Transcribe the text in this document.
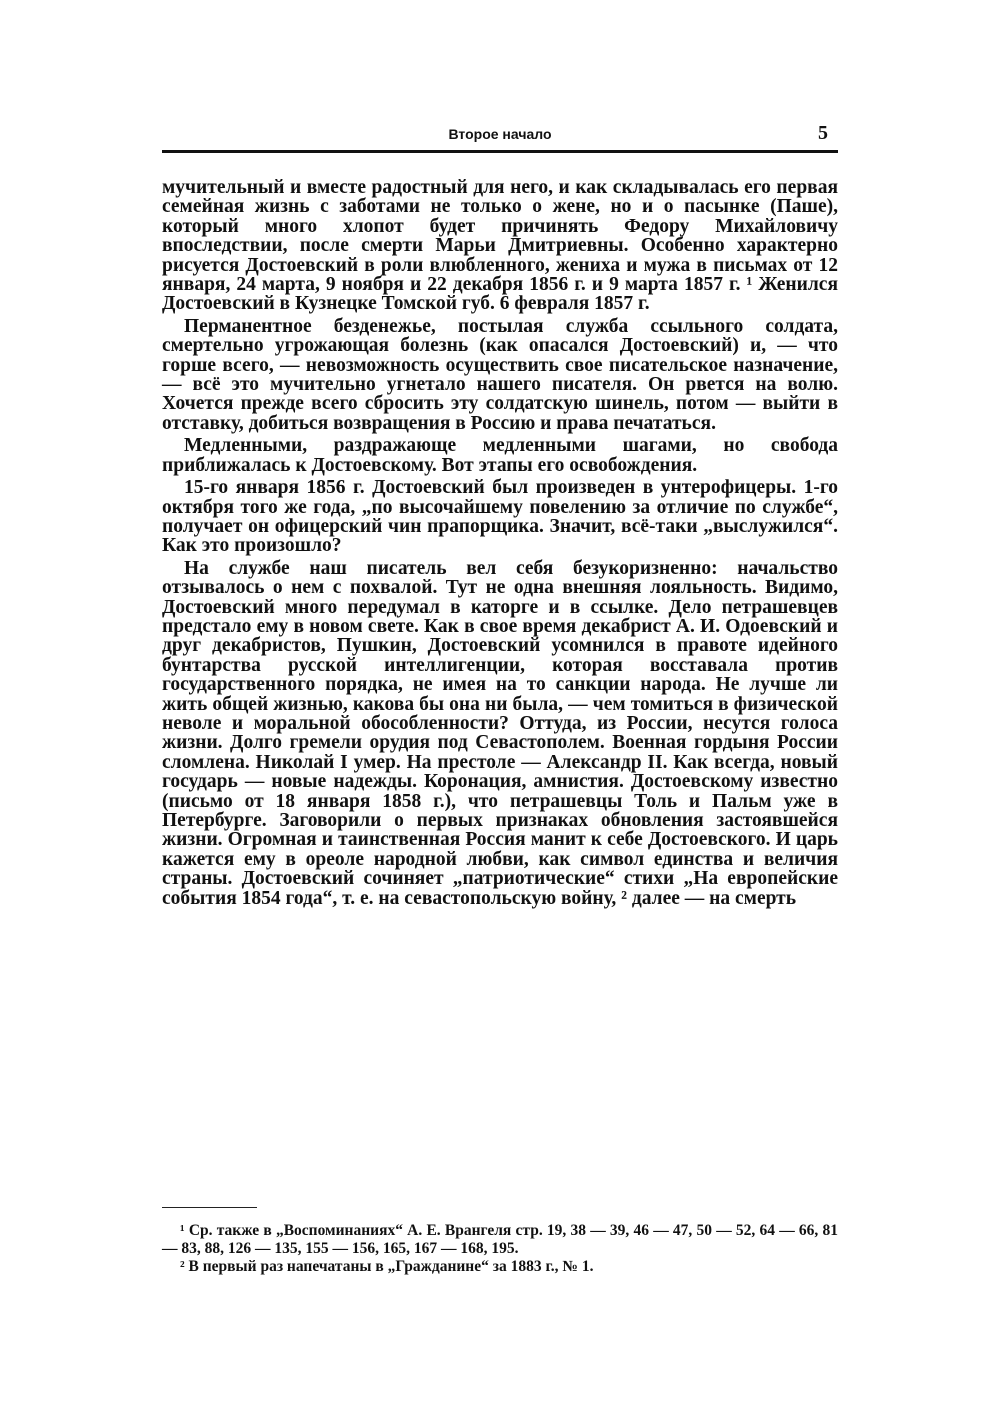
Второе начало	5

мучительный и вместе радостный для него, и как складывалась его первая семейная жизнь с заботами не только о жене, но и о пасынке (Паше), который много хлопот будет причинять Федору Михайловичу впоследствии, после смерти Марьи Дмитриевны. Особенно характерно рисуется Достоевский в роли влюбленного, жениха и мужа в письмах от 12 января, 24 марта, 9 ноября и 22 декабря 1856 г. и 9 марта 1857 г. ¹ Женился Достоевский в Кузнецке Томской губ. 6 февраля 1857 г.

Перманентное безденежье, постылая служба ссыльного солдата, смертельно угрожающая болезнь (как опасался Достоевский) и, — что горше всего, — невозможность осуществить свое писательское назначение, — всё это мучительно угнетало нашего писателя. Он рвется на волю. Хочется прежде всего сбросить эту солдатскую шинель, потом — выйти в отставку, добиться возвращения в Россию и права печататься.

Медленными, раздражающе медленными шагами, но свобода приближалась к Достоевскому. Вот этапы его освобождения.

15-го января 1856 г. Достоевский был произведен в унтерофицеры. 1-го октября того же года, „по высочайшему повелению за отличие по службе“, получает он офицерский чин прапорщика. Значит, всё-таки „выслужился“. Как это произошло?

На службе наш писатель вел себя безукоризненно: начальство отзывалось о нем с похвалой. Тут не одна внешняя лояльность. Видимо, Достоевский много передумал в каторге и в ссылке. Дело петрашевцев предстало ему в новом свете. Как в свое время декабрист А. И. Одоевский и друг декабристов, Пушкин, Достоевский усомнился в правоте идейного бунтарства русской интеллигенции, которая восставала против государственного порядка, не имея на то санкции народа. Не лучше ли жить общей жизнью, какова бы она ни была, — чем томиться в физической неволе и моральной обособленности? Оттуда, из России, несутся голоса жизни. Долго гремели орудия под Севастополем. Военная гордыня России сломлена. Николай I умер. На престоле — Александр II. Как всегда, новый государь — новые надежды. Коронация, амнистия. Достоевскому известно (письмо от 18 января 1858 г.), что петрашевцы Толь и Пальм уже в Петербурге. Заговорили о первых признаках обновления застоявшейся жизни. Огромная и таинственная Россия манит к себе Достоевского. И царь кажется ему в ореоле народной любви, как символ единства и величия страны. Достоевский сочиняет „патриотические“ стихи „На европейские события 1854 года“, т. е. на севастопольскую войну, ² далее — на смерть

¹ Ср. также в „Воспоминаниях“ А. Е. Врангеля стр. 19, 38 — 39, 46 — 47, 50 — 52, 64 — 66, 81 — 83, 88, 126 — 135, 155 — 156, 165, 167 — 168, 195.

² В первый раз напечатаны в „Гражданине“ за 1883 г., № 1.
